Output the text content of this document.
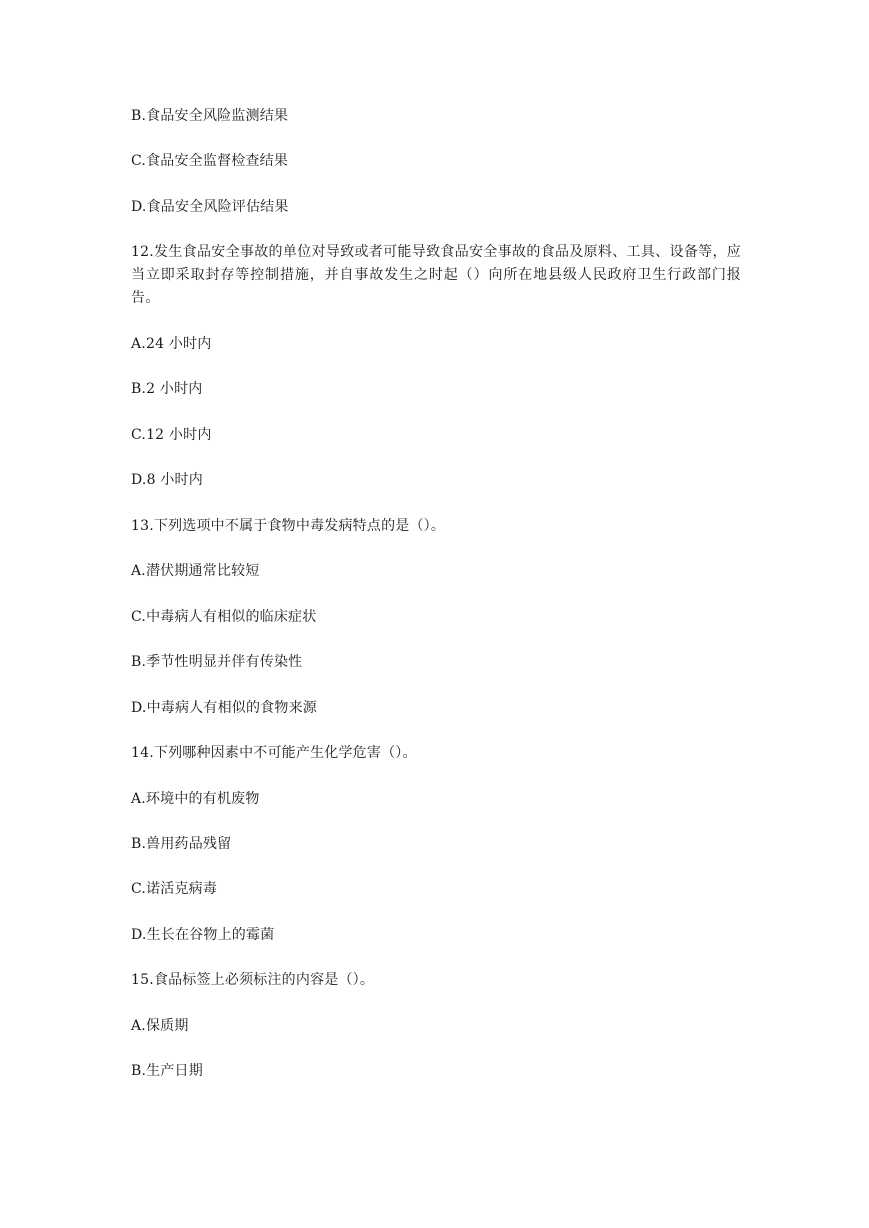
B.食品安全风险监测结果
C.食品安全监督检查结果
D.食品安全风险评估结果
12.发生食品安全事故的单位对导致或者可能导致食品安全事故的食品及原料、工具、设备等，应当立即采取封存等控制措施，并自事故发生之时起（）向所在地县级人民政府卫生行政部门报告。
A.24 小时内
B.2 小时内
C.12 小时内
D.8 小时内
13.下列选项中不属于食物中毒发病特点的是（）。
A.潜伏期通常比较短
C.中毒病人有相似的临床症状
B.季节性明显并伴有传染性
D.中毒病人有相似的食物来源
14.下列哪种因素中不可能产生化学危害（）。
A.环境中的有机废物
B.兽用药品残留
C.诺活克病毒
D.生长在谷物上的霉菌
15.食品标签上必须标注的内容是（）。
A.保质期
B.生产日期
